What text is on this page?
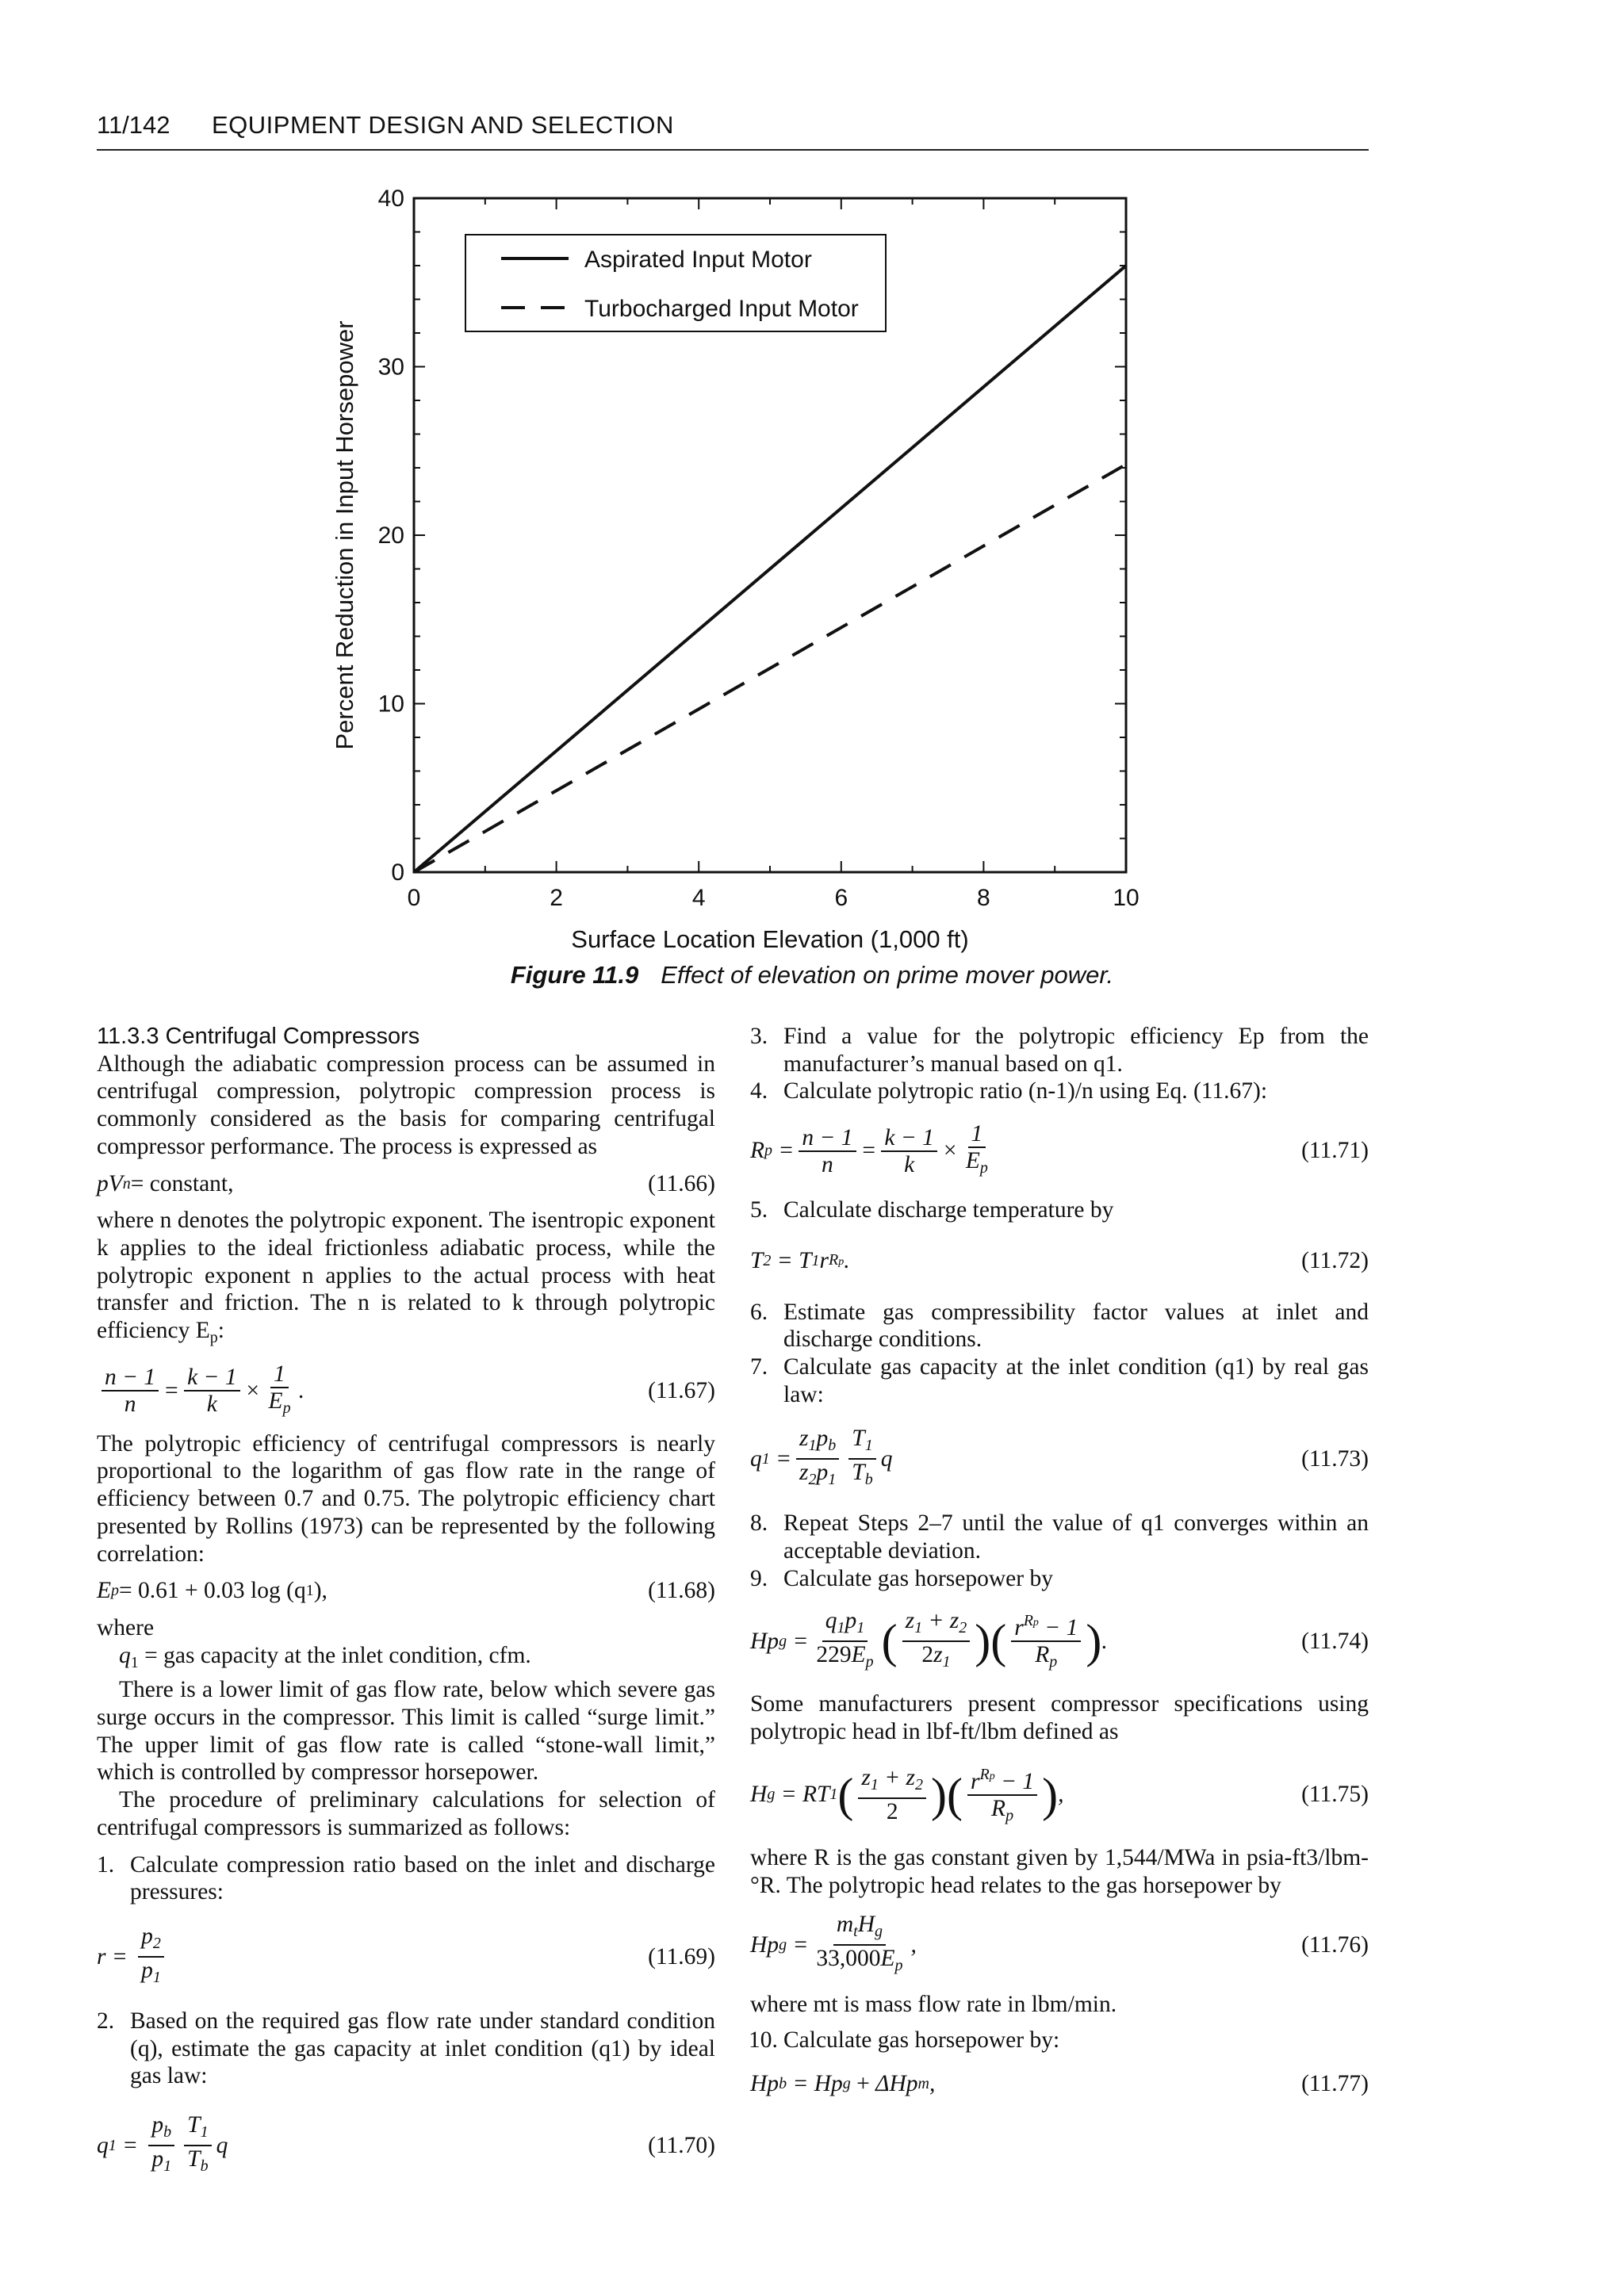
11/142 EQUIPMENT DESIGN AND SELECTION
0	2	4	6	8	10
0
10
20
30
40
Surface Location Elevation (1,000 ft)
Percent Reduction in Input Horsepower
Aspirated Input Motor
Turbocharged Input Motor
Figure 11.9 Effect of elevation on prime mover power.

11.3.3 Centrifugal Compressors

Although the adiabatic compression process can be assumed in centrifugal compression, polytropic compression process is commonly considered as the basis for comparing centrifugal compressor performance. The process is expressed as

pV n = constant,	(11.66)

where n denotes the polytropic exponent. The isentropic exponent k applies to the ideal frictionless adiabatic process, while the polytropic exponent n applies to the actual process with heat transfer and friction. The n is related to k through polytropic efficiency $E_p$:

$\frac{n - 1}{n} = \frac{k - 1}{k} \times \frac{1}{E_p}$ .	(11.67)

The polytropic efficiency of centrifugal compressors is nearly proportional to the logarithm of gas flow rate in the range of efficiency between 0.7 and 0.75. The polytropic efficiency chart presented by Rollins (1973) can be represented by the following correlation:

E p = 0.61 + 0.03 log (q 1 ),	(11.68)

where

$q_1$ = gas capacity at the inlet condition, cfm.

There is a lower limit of gas flow rate, below which severe gas surge occurs in the compressor. This limit is called “surge limit.” The upper limit of gas flow rate is called “stone-wall limit,” which is controlled by compressor horsepower.

The procedure of preliminary calculations for selection of centrifugal compressors is summarized as follows:

1. Calculate compression ratio based on the inlet and discharge pressures:
$r = \frac{p_2}{p_1}$	(11.69)
2. Based on the required gas flow rate under standard condition (q), estimate the gas capacity at inlet condition (q1) by ideal gas law:
q $1 = \frac{p_b}{p_1} \frac{T_1}{T_b}$ q	(11.70)
3. Find a value for the polytropic efficiency Ep from the manufacturer’s manual based on q1.
4. Calculate polytropic ratio (n-1)/n using Eq. (11.67):
R $p = \frac{n - 1}{n} = \frac{k - 1}{k} \times \frac{1}{E_p}$	(11.71)
5. Calculate discharge temperature by
T 2 = T 1 r Rp .	(11.72)
6. Estimate gas compressibility factor values at inlet and discharge conditions.
7. Calculate gas capacity at the inlet condition (q1) by real gas law:
q $1 = \frac{z_1p_b}{z_2p_1} \frac{T_1}{T_b}$ q	(11.73)
8. Repeat Steps 2–7 until the value of q1 converges within an acceptable deviation.
9. Calculate gas horsepower by
Hp $g = \frac{q_1p_1}{229E_p}$ ( $\frac{z_1 + z_2}{2z_1}$ )( $\frac{r^{Rp} - 1}{R_p}$ ) .	(11.74)

Some manufacturers present compressor specifications using polytropic head in lbf-ft/lbm defined as

H g = RT 1 ( $\frac{z_1 + z_2}{2}$ )( $\frac{r^{Rp} - 1}{R_p}$ ) ,	(11.75)

where R is the gas constant given by 1,544/MWa in psia-ft3/lbm-°R. The polytropic head relates to the gas horsepower by

Hp $g = \frac{m_tH_g}{33,000E_p}$ ,	(11.76)

where mt is mass flow rate in lbm/min.

10. Calculate gas horsepower by:
Hp b = Hp g
+ ΔHp m ,	(11.77)
